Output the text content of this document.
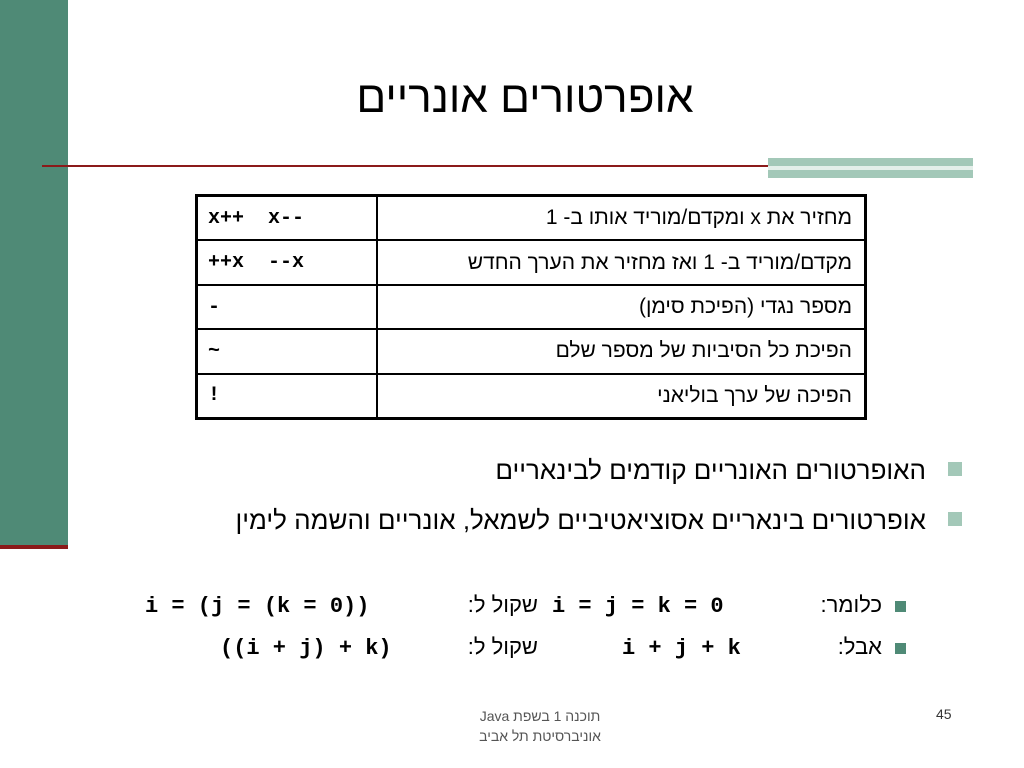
אופרטורים אונריים
x++  x--	מחזיר את x ומקדם/מוריד אותו ב- 1
++x  --x	מקדם/מוריד ב- 1 ואז מחזיר את הערך החדש
-	מספר נגדי (הפיכת סימן)
~	הפיכת כל הסיביות של מספר שלם
!	הפיכה של ערך בוליאני
האופרטורים האונריים קודמים לבינאריים
אופרטורים בינאריים אסוציאטיביים לשמאל, אונריים והשמה לימין
כלומר:
i = j = k = 0
שקול ל:
i = (j = (k = 0))
אבל:
i + j + k
שקול ל:
((i + j) + k)
תוכנה 1 בשפת Java
אוניברסיטת תל אביב
45
